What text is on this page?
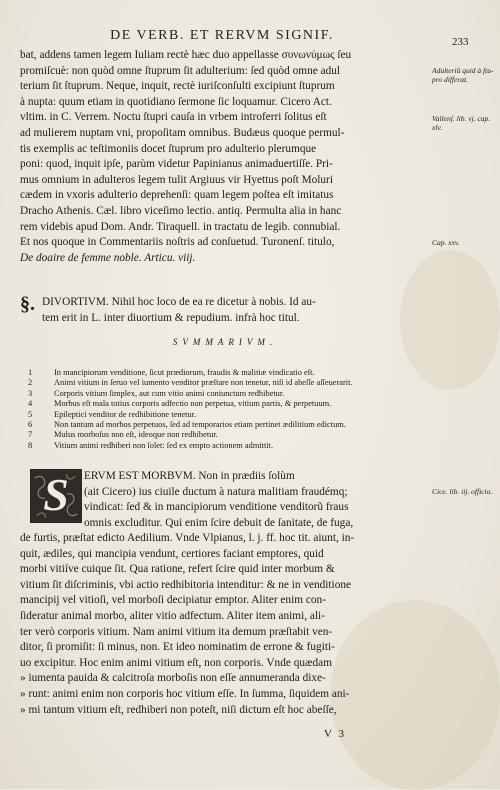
DE VERB. ET RERVM SIGNIF.	233
bat, addens tamen legem Iuliam rectè hæc duo appellasse συνωνύμως ſeu
promiſcuè: non quòd omne ſtuprum ſit adulterium: ſed quòd omne adul
terium ſit ſtuprum. Neque, inquit, rectè iuriſconſulti excipiunt ſtuprum
à nupta: quum etiam in quotidiano ſermone ſic loquamur. Cicero Act.
vltim. in C. Verrem. Noctu ſtupri cauſa in vrbem introferri ſolitus eſt
ad mulierem nuptam vni, propoſitam omnibus. Budæus quoque permul-
tis exemplis ac teſtimoniis docet ſtuprum pro adulterio plerumque
poni: quod, inquit ipſe, parùm videtur Papinianus animaduertiſſe. Pri-
mus omnium in adulteros legem tulit Argiuus vir Hyettus poſt Moluri
cædem in vxoris adulterio deprehenſi: quam legem poſtea eſt imitatus
Dracho Athenis. Cæl. libro viceſimo lectio. antiq. Permulta alia in hanc
rem videbis apud Dom. Andr. Tiraquell. in tractatu de legib. connubial.
Et nos quoque in Commentariis noſtris ad conſuetud. Turonenſ. titulo,
De doaire de femme noble. Articu. viij.
Adulteriũ quid à ſtu- pro differat.
Vallenſ. lib. vj. cap. xlv.
Cap. xxv.
§. DIVORTIVM. Nihil hoc loco de ea re dicetur à nobis. Id au-
tem erit in L. inter diuortium & repudium. infrà hoc titul.
SVMMARIVM.
1	In mancipiorum venditione, ſicut prædiorum, fraudis & malitiæ vindicatio eſt.
2	Animi vitium in ſeruo vel iumento venditor præſtare non tenetur, niſi id abeſſe aſſeuerarit.
3	Corporis vitium ſimplex, aut cum vitio animi coniunctum redhibetur.
4	Morbus eſt mala totius corporis adfectio non perpetua, vitium partis, & perpetuum.
5	Epileptici venditor de redhibitione tenetur.
6	Non tantum ad morbos perpetuos, ſed ad temporarios etiam pertinet ædilitium edictum.
7	Mulus morboſus non eſt, ideoque non redhibetur.
8	Vitium animi redhiberi non ſolet: ſed ex empto actionem admittit.
S	ERVM EST MORBVM. Non in prædiis ſolùm
(ait Cicero) ius ciuile ductum à natura malitiam fraudémq;
vindicat: ſed & in mancipiorum venditione venditorũ fraus
omnis excluditur. Qui enim ſcire debuit de ſanitate, de fuga,
Cice. lib. iij. officio.
de furtis, præſtat edicto Aedilium. Vnde Vlpianus, l. j. ff. hoc tit. aiunt, in-
quit, ædiles, qui mancipia vendunt, certiores faciant emptores, quid
morbi vitiíve cuique ſit. Qua ratione, refert ſcire quid inter morbum &
vitium ſit diſcriminis, vbi actio redhibitoria intenditur: & ne in venditione
mancipij vel vitioſi, vel morboſi decipiatur emptor. Aliter enim con-
ſideratur animal morbo, aliter vitio adfectum. Aliter item animi, ali-
ter verò corporis vitium. Nam animi vitium ita demum præſtabit ven-
ditor, ſi promiſit: ſi minus, non. Et ideo nominatim de errone & fugiti-
uo excipitur. Hoc enim animi vitium eſt, non corporis. Vnde quædam
» iumenta pauida & calcitroſa morboſis non eſſe annumeranda dixe-
» runt: animi enim non corporis hoc vitium eſſe. In ſumma, ſiquidem ani-
» mi tantum vitium eſt, redhiberi non poteſt, niſi dictum eſt hoc abeſſe,
V 3
